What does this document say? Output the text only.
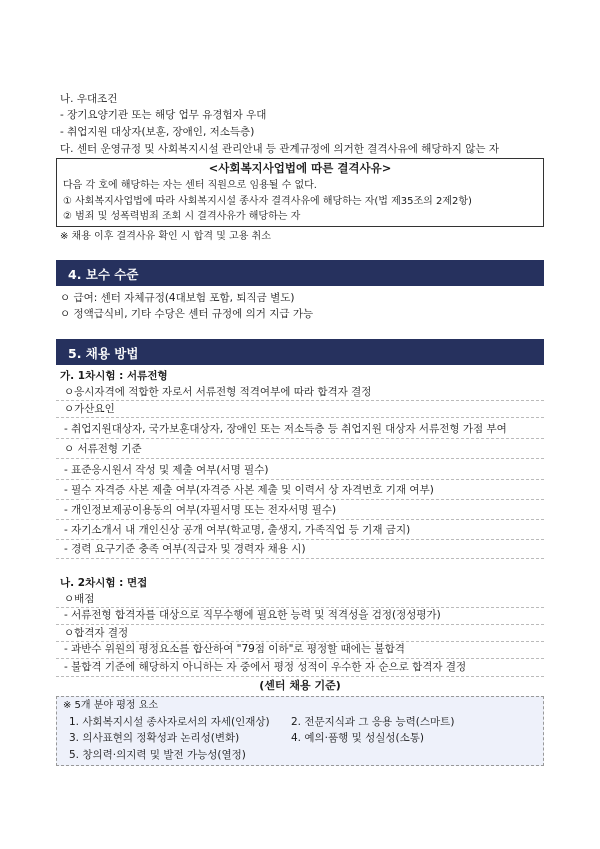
나. 우대조건
- 장기요양기관 또는 해당 업무 유경험자 우대
- 취업지원 대상자(보훈, 장애인, 저소득층)
다. 센터 운영규정 및 사회복지시설 관리안내 등 관계규정에 의거한 결격사유에 해당하지 않는 자
<사회복지사업법에 따른 결격사유>
다음 각 호에 해당하는 자는 센터 직원으로 임용될 수 없다.
① 사회복지사업법에 따라 사회복지시설 종사자 결격사유에 해당하는 자(법 제35조의 2제2항)
② 범죄 및 성폭력범죄 조회 시 결격사유가 해당하는 자
※ 채용 이후 결격사유 확인 시 합격 및 고용 취소
4. 보수 수준
ㅇ 급여: 센터 자체규정(4대보험 포함, 퇴직금 별도)
ㅇ 정액급식비, 기타 수당은 센터 규정에 의거 지급 가능
5. 채용 방법
가. 1차시험 : 서류전형
ㅇ응시자격에 적합한 자로서 서류전형 적격여부에 따라 합격자 결정
ㅇ가산요인
- 취업지원대상자, 국가보훈대상자, 장애인 또는 저소득층 등 취업지원 대상자 서류전형 가점 부여
ㅇ 서류전형 기준
- 표준응시원서 작성 및 제출 여부(서명 필수)
- 필수 자격증 사본 제출 여부(자격증 사본 제출 및 이력서 상 자격번호 기재 여부)
- 개인정보제공이용동의 여부(자필서명 또는 전자서명 필수)
- 자기소개서 내 개인신상 공개 여부(학교명, 출생지, 가족직업 등 기재 금지)
- 경력 요구기준 충족 여부(직급자 및 경력자 채용 시)
나. 2차시험 : 면접
ㅇ배점
- 서류전형 합격자를 대상으로 직무수행에 필요한 능력 및 적격성을 검정(정성평가)
ㅇ합격자 결정
- 과반수 위원의 평정요소를 합산하여 "79점 이하"로 평정할 때에는 불합격
- 불합격 기준에 해당하지 아니하는 자 중에서 평정 성적이 우수한 자 순으로 합격자 결정
(센터 채용 기준)
※ 5개 분야 평정 요소
1. 사회복지시설 종사자로서의 자세(인재상) 2. 전문지식과 그 응용 능력(스마트)
3. 의사표현의 정확성과 논리성(변화)	4. 예의·품행 및 성실성(소통)
5. 창의력·의지력 및 발전 가능성(열정)
